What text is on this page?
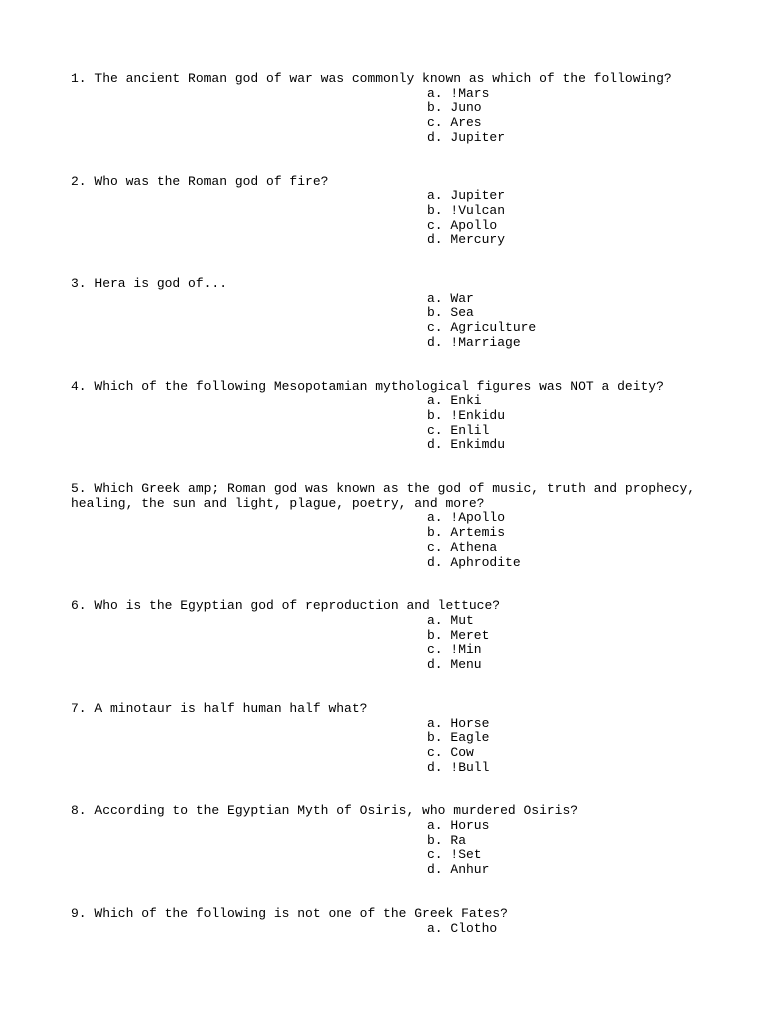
1. The ancient Roman god of war was commonly known as which of the following?

a. !Mars
b. Juno
c. Ares
d. Jupiter

2. Who was the Roman god of fire?

a. Jupiter
b. !Vulcan
c. Apollo
d. Mercury

3. Hera is god of...

a. War
b. Sea
c. Agriculture
d. !Marriage

4. Which of the following Mesopotamian mythological figures was NOT a deity?

a. Enki
b. !Enkidu
c. Enlil
d. Enkimdu

5. Which Greek amp; Roman god was known as the god of music, truth and prophecy, healing, the sun and light, plague, poetry, and more?

a. !Apollo
b. Artemis
c. Athena
d. Aphrodite

6. Who is the Egyptian god of reproduction and lettuce?

a. Mut
b. Meret
c. !Min
d. Menu

7. A minotaur is half human half what?

a. Horse
b. Eagle
c. Cow
d. !Bull

8. According to the Egyptian Myth of Osiris, who murdered Osiris?

a. Horus
b. Ra
c. !Set
d. Anhur

9. Which of the following is not one of the Greek Fates?

a. Clotho
